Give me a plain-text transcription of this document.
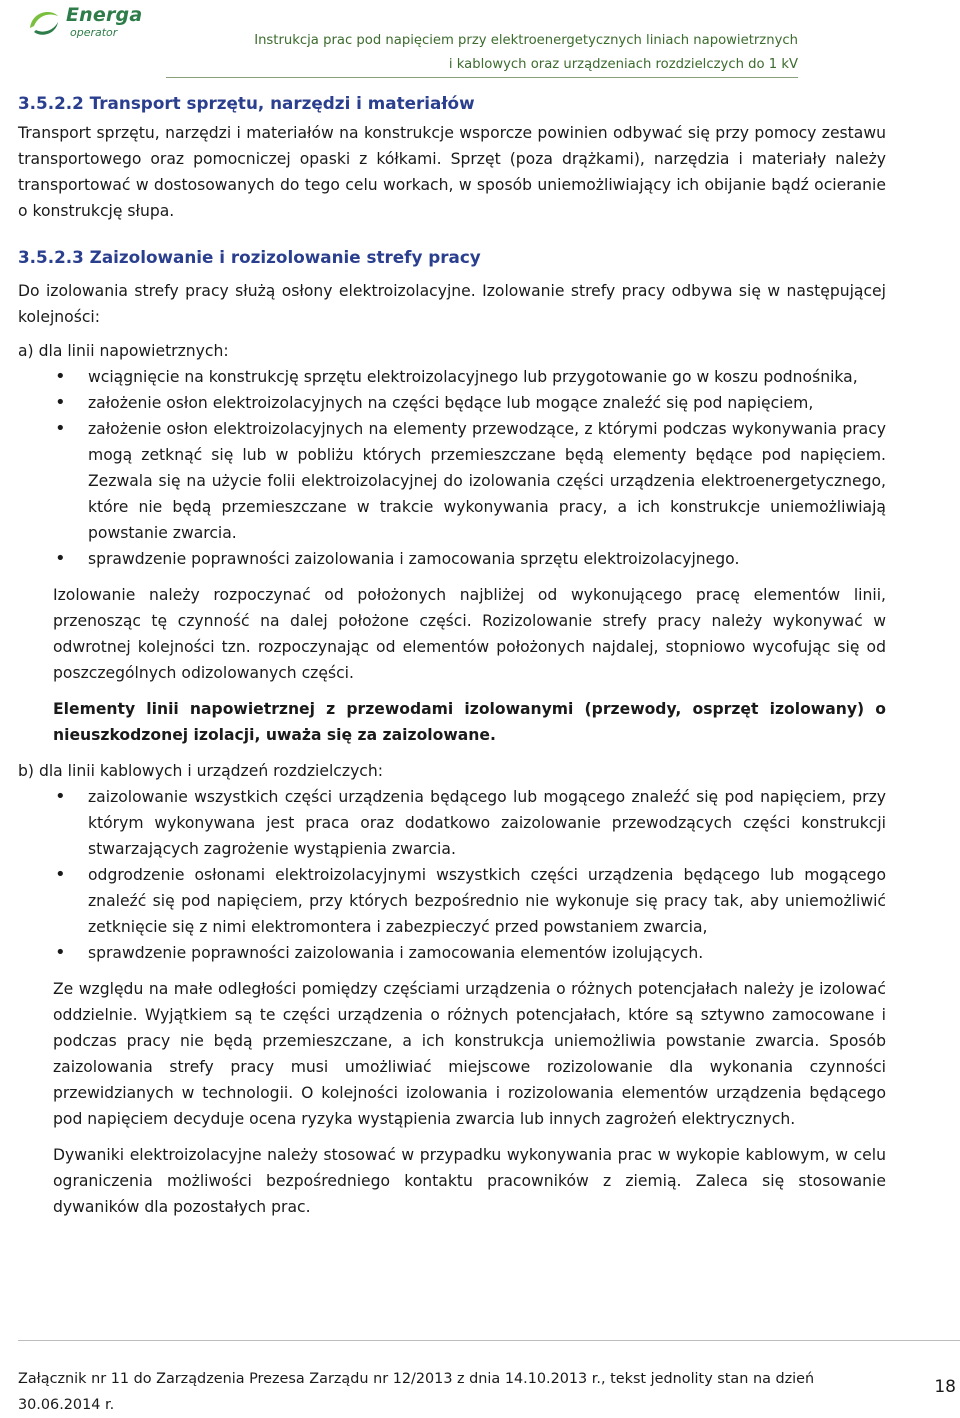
Energa
operator
Instrukcja prac pod napięciem przy elektroenergetycznych liniach napowietrznych
i kablowych oraz urządzeniach rozdzielczych do 1 kV
3.5.2.2 Transport sprzętu, narzędzi i materiałów

Transport sprzętu, narzędzi i materiałów na konstrukcje wsporcze powinien odbywać się przy pomocy zestawu transportowego oraz pomocniczej opaski z kółkami. Sprzęt (poza drążkami), narzędzia i materiały należy transportować w dostosowanych do tego celu workach, w sposób uniemożliwiający ich obijanie bądź ocieranie o konstrukcję słupa.

3.5.2.3 Zaizolowanie i rozizolowanie strefy pracy

Do izolowania strefy pracy służą osłony elektroizolacyjne. Izolowanie strefy pracy odbywa się w następującej kolejności:

a) dla linii napowietrznych:

• wciągnięcie na konstrukcję sprzętu elektroizolacyjnego lub przygotowanie go w koszu podnośnika,
• założenie osłon elektroizolacyjnych na części będące lub mogące znaleźć się pod napięciem,
• założenie osłon elektroizolacyjnych na elementy przewodzące, z którymi podczas wykonywania pracy mogą zetknąć się lub w pobliżu których przemieszczane będą elementy będące pod napięciem. Zezwala się na użycie folii elektroizolacyjnej do izolowania części urządzenia elektroenergetycznego, które nie będą przemieszczane w trakcie wykonywania pracy, a ich konstrukcje uniemożliwiają powstanie zwarcia.
• sprawdzenie poprawności zaizolowania i zamocowania sprzętu elektroizolacyjnego.

Izolowanie należy rozpoczynać od położonych najbliżej od wykonującego pracę elementów linii, przenosząc tę czynność na dalej położone części. Rozizolowanie strefy pracy należy wykonywać w odwrotnej kolejności tzn. rozpoczynając od elementów położonych najdalej, stopniowo wycofując się od poszczególnych odizolowanych części.

Elementy linii napowietrznej z przewodami izolowanymi (przewody, osprzęt izolowany) o nieuszkodzonej izolacji, uważa się za zaizolowane.

b) dla linii kablowych i urządzeń rozdzielczych:

• zaizolowanie wszystkich części urządzenia będącego lub mogącego znaleźć się pod napięciem, przy którym wykonywana jest praca oraz dodatkowo zaizolowanie przewodzących części konstrukcji stwarzających zagrożenie wystąpienia zwarcia.
• odgrodzenie osłonami elektroizolacyjnymi wszystkich części urządzenia będącego lub mogącego znaleźć się pod napięciem, przy których bezpośrednio nie wykonuje się pracy tak, aby uniemożliwić zetknięcie się z nimi elektromontera i zabezpieczyć przed powstaniem zwarcia,
• sprawdzenie poprawności zaizolowania i zamocowania elementów izolujących.

Ze względu na małe odległości pomiędzy częściami urządzenia o różnych potencjałach należy je izolować oddzielnie. Wyjątkiem są te części urządzenia o różnych potencjałach, które są sztywno zamocowane i podczas pracy nie będą przemieszczane, a ich konstrukcja uniemożliwia powstanie zwarcia. Sposób zaizolowania strefy pracy musi umożliwiać miejscowe rozizolowanie dla wykonania czynności przewidzianych w technologii. O kolejności izolowania i rozizolowania elementów urządzenia będącego pod napięciem decyduje ocena ryzyka wystąpienia zwarcia lub innych zagrożeń elektrycznych.

Dywaniki elektroizolacyjne należy stosować w przypadku wykonywania prac w wykopie kablowym, w celu ograniczenia możliwości bezpośredniego kontaktu pracowników z ziemią. Zaleca się stosowanie dywaników dla pozostałych prac.

Załącznik nr 11 do Zarządzenia Prezesa Zarządu nr 12/2013 z dnia 14.10.2013 r., tekst jednolity stan na dzień 30.06.2014 r.
18
